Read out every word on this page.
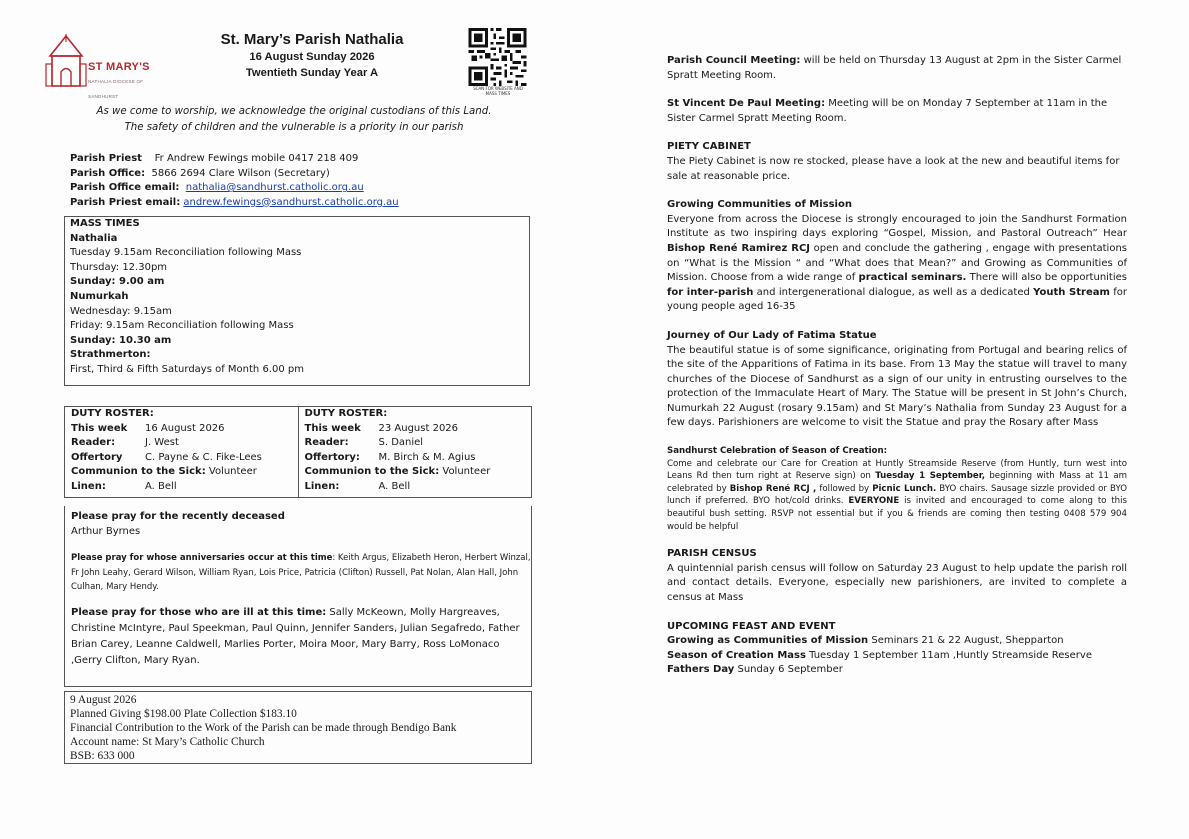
ST MARY'S
NATHALIA DIOCESE OF SANDHURST
St. Mary’s Parish Nathalia
16 August Sunday 2026
Twentieth Sunday Year A
SCAN FOR WEBSITE AND MASS TIMES
As we come to worship, we acknowledge the original custodians of this Land.
The safety of children and the vulnerable is a priority in our parish
Parish Priest Fr Andrew Fewings mobile 0417 218 409
Parish Office: 5866 2694 Clare Wilson (Secretary)
Parish Office email: nathalia@sandhurst.catholic.org.au
Parish Priest email: andrew.fewings@sandhurst.catholic.org.au
MASS TIMES
Nathalia
Tuesday 9.15am Reconciliation following Mass
Thursday: 12.30pm
Sunday: 9.00 am
Numurkah
Wednesday: 9.15am
Friday: 9.15am Reconciliation following Mass
Sunday: 10.30 am
Strathmerton:
First, Third & Fifth Saturdays of Month 6.00 pm
DUTY ROSTER:
This week	16 August 2026
Reader:	J. West
Offertory	C. Payne & C. Fike-Lees
Communion to the Sick: Volunteer
Linen:	A. Bell
DUTY ROSTER:
This week	23 August 2026
Reader:	S. Daniel
Offertory:	M. Birch & M. Agius
Communion to the Sick: Volunteer
Linen:	A. Bell
Please pray for the recently deceased
Arthur Byrnes
Please pray for whose anniversaries occur at this time: Keith Argus, Elizabeth Heron, Herbert Winzal, Fr John Leahy, Gerard Wilson, William Ryan, Lois Price, Patricia (Clifton) Russell, Pat Nolan, Alan Hall, John Culhan, Mary Hendy.
Please pray for those who are ill at this time: Sally McKeown, Molly Hargreaves, Christine McIntyre, Paul Speekman, Paul Quinn, Jennifer Sanders, Julian Segafredo, Father Brian Carey, Leanne Caldwell, Marlies Porter, Moira Moor, Mary Barry, Ross LoMonaco ,Gerry Clifton, Mary Ryan.
9 August 2026
Planned Giving $198.00 Plate Collection $183.10
Financial Contribution to the Work of the Parish can be made through Bendigo Bank
Account name: St Mary’s Catholic Church
BSB: 633 000
Parish Council Meeting: will be held on Thursday 13 August at 2pm in the Sister Carmel Spratt Meeting Room.
St Vincent De Paul Meeting: Meeting will be on Monday 7 September at 11am in the Sister Carmel Spratt Meeting Room.
PIETY CABINET
The Piety Cabinet is now re stocked, please have a look at the new and beautiful items for sale at reasonable price.
Growing Communities of Mission
Everyone from across the Diocese is strongly encouraged to join the Sandhurst Formation Institute as two inspiring days exploring “Gospel, Mission, and Pastoral Outreach” Hear Bishop René Ramirez RCJ open and conclude the gathering , engage with presentations on “What is the Mission “ and “What does that Mean?” and Growing as Communities of Mission. Choose from a wide range of practical seminars. There will also be opportunities for inter-parish and intergenerational dialogue, as well as a dedicated Youth Stream for young people aged 16-35
Journey of Our Lady of Fatima Statue
The beautiful statue is of some significance, originating from Portugal and bearing relics of the site of the Apparitions of Fatima in its base. From 13 May the statue will travel to many churches of the Diocese of Sandhurst as a sign of our unity in entrusting ourselves to the protection of the Immaculate Heart of Mary. The Statue will be present in St John’s Church, Numurkah 22 August (rosary 9.15am) and St Mary’s Nathalia from Sunday 23 August for a few days. Parishioners are welcome to visit the Statue and pray the Rosary after Mass
Sandhurst Celebration of Season of Creation:
Come and celebrate our Care for Creation at Huntly Streamside Reserve (from Huntly, turn west into Leans Rd then turn right at Reserve sign) on Tuesday 1 September, beginning with Mass at 11 am celebrated by Bishop René RCJ , followed by Picnic Lunch. BYO chairs. Sausage sizzle provided or BYO lunch if preferred. BYO hot/cold drinks. EVERYONE is invited and encouraged to come along to this beautiful bush setting. RSVP not essential but if you & friends are coming then testing 0408 579 904 would be helpful
PARISH CENSUS
A quintennial parish census will follow on Saturday 23 August to help update the parish roll and contact details. Everyone, especially new parishioners, are invited to complete a census at Mass
UPCOMING FEAST AND EVENT
Growing as Communities of Mission Seminars 21 & 22 August, Shepparton
Season of Creation Mass Tuesday 1 September 11am ,Huntly Streamside Reserve
Fathers Day Sunday 6 September
